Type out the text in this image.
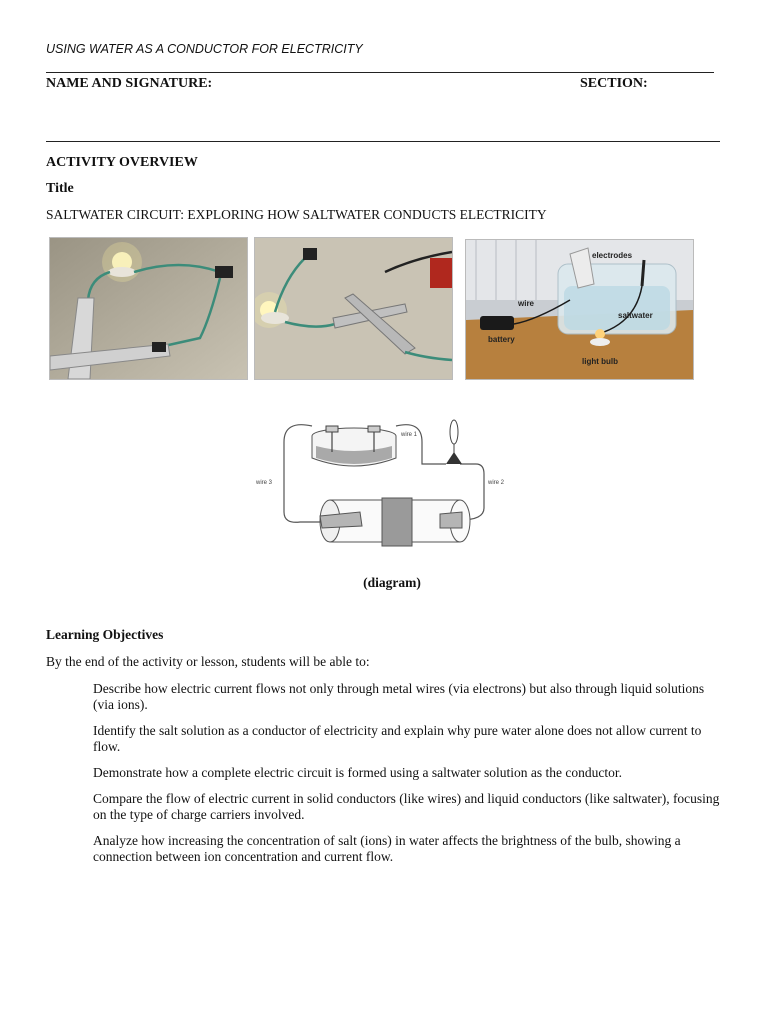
USING WATER AS A CONDUCTOR FOR ELECTRICITY
NAME AND SIGNATURE:	SECTION:
ACTIVITY OVERVIEW
Title
SALTWATER CIRCUIT: EXPLORING HOW SALTWATER CONDUCTS ELECTRICITY
electrodes
wire
battery
saltwater
light bulb
wire 1
wire 2
wire 3
(diagram)
Learning Objectives
By the end of the activity or lesson, students will be able to:

Describe how electric current flows not only through metal wires (via electrons) but also through liquid solutions (via ions).

Identify the salt solution as a conductor of electricity and explain why pure water alone does not allow current to flow.

Demonstrate how a complete electric circuit is formed using a saltwater solution as the conductor.

Compare the flow of electric current in solid conductors (like wires) and liquid conductors (like saltwater), focusing on the type of charge carriers involved.

Analyze how increasing the concentration of salt (ions) in water affects the brightness of the bulb, showing a connection between ion concentration and current flow.
